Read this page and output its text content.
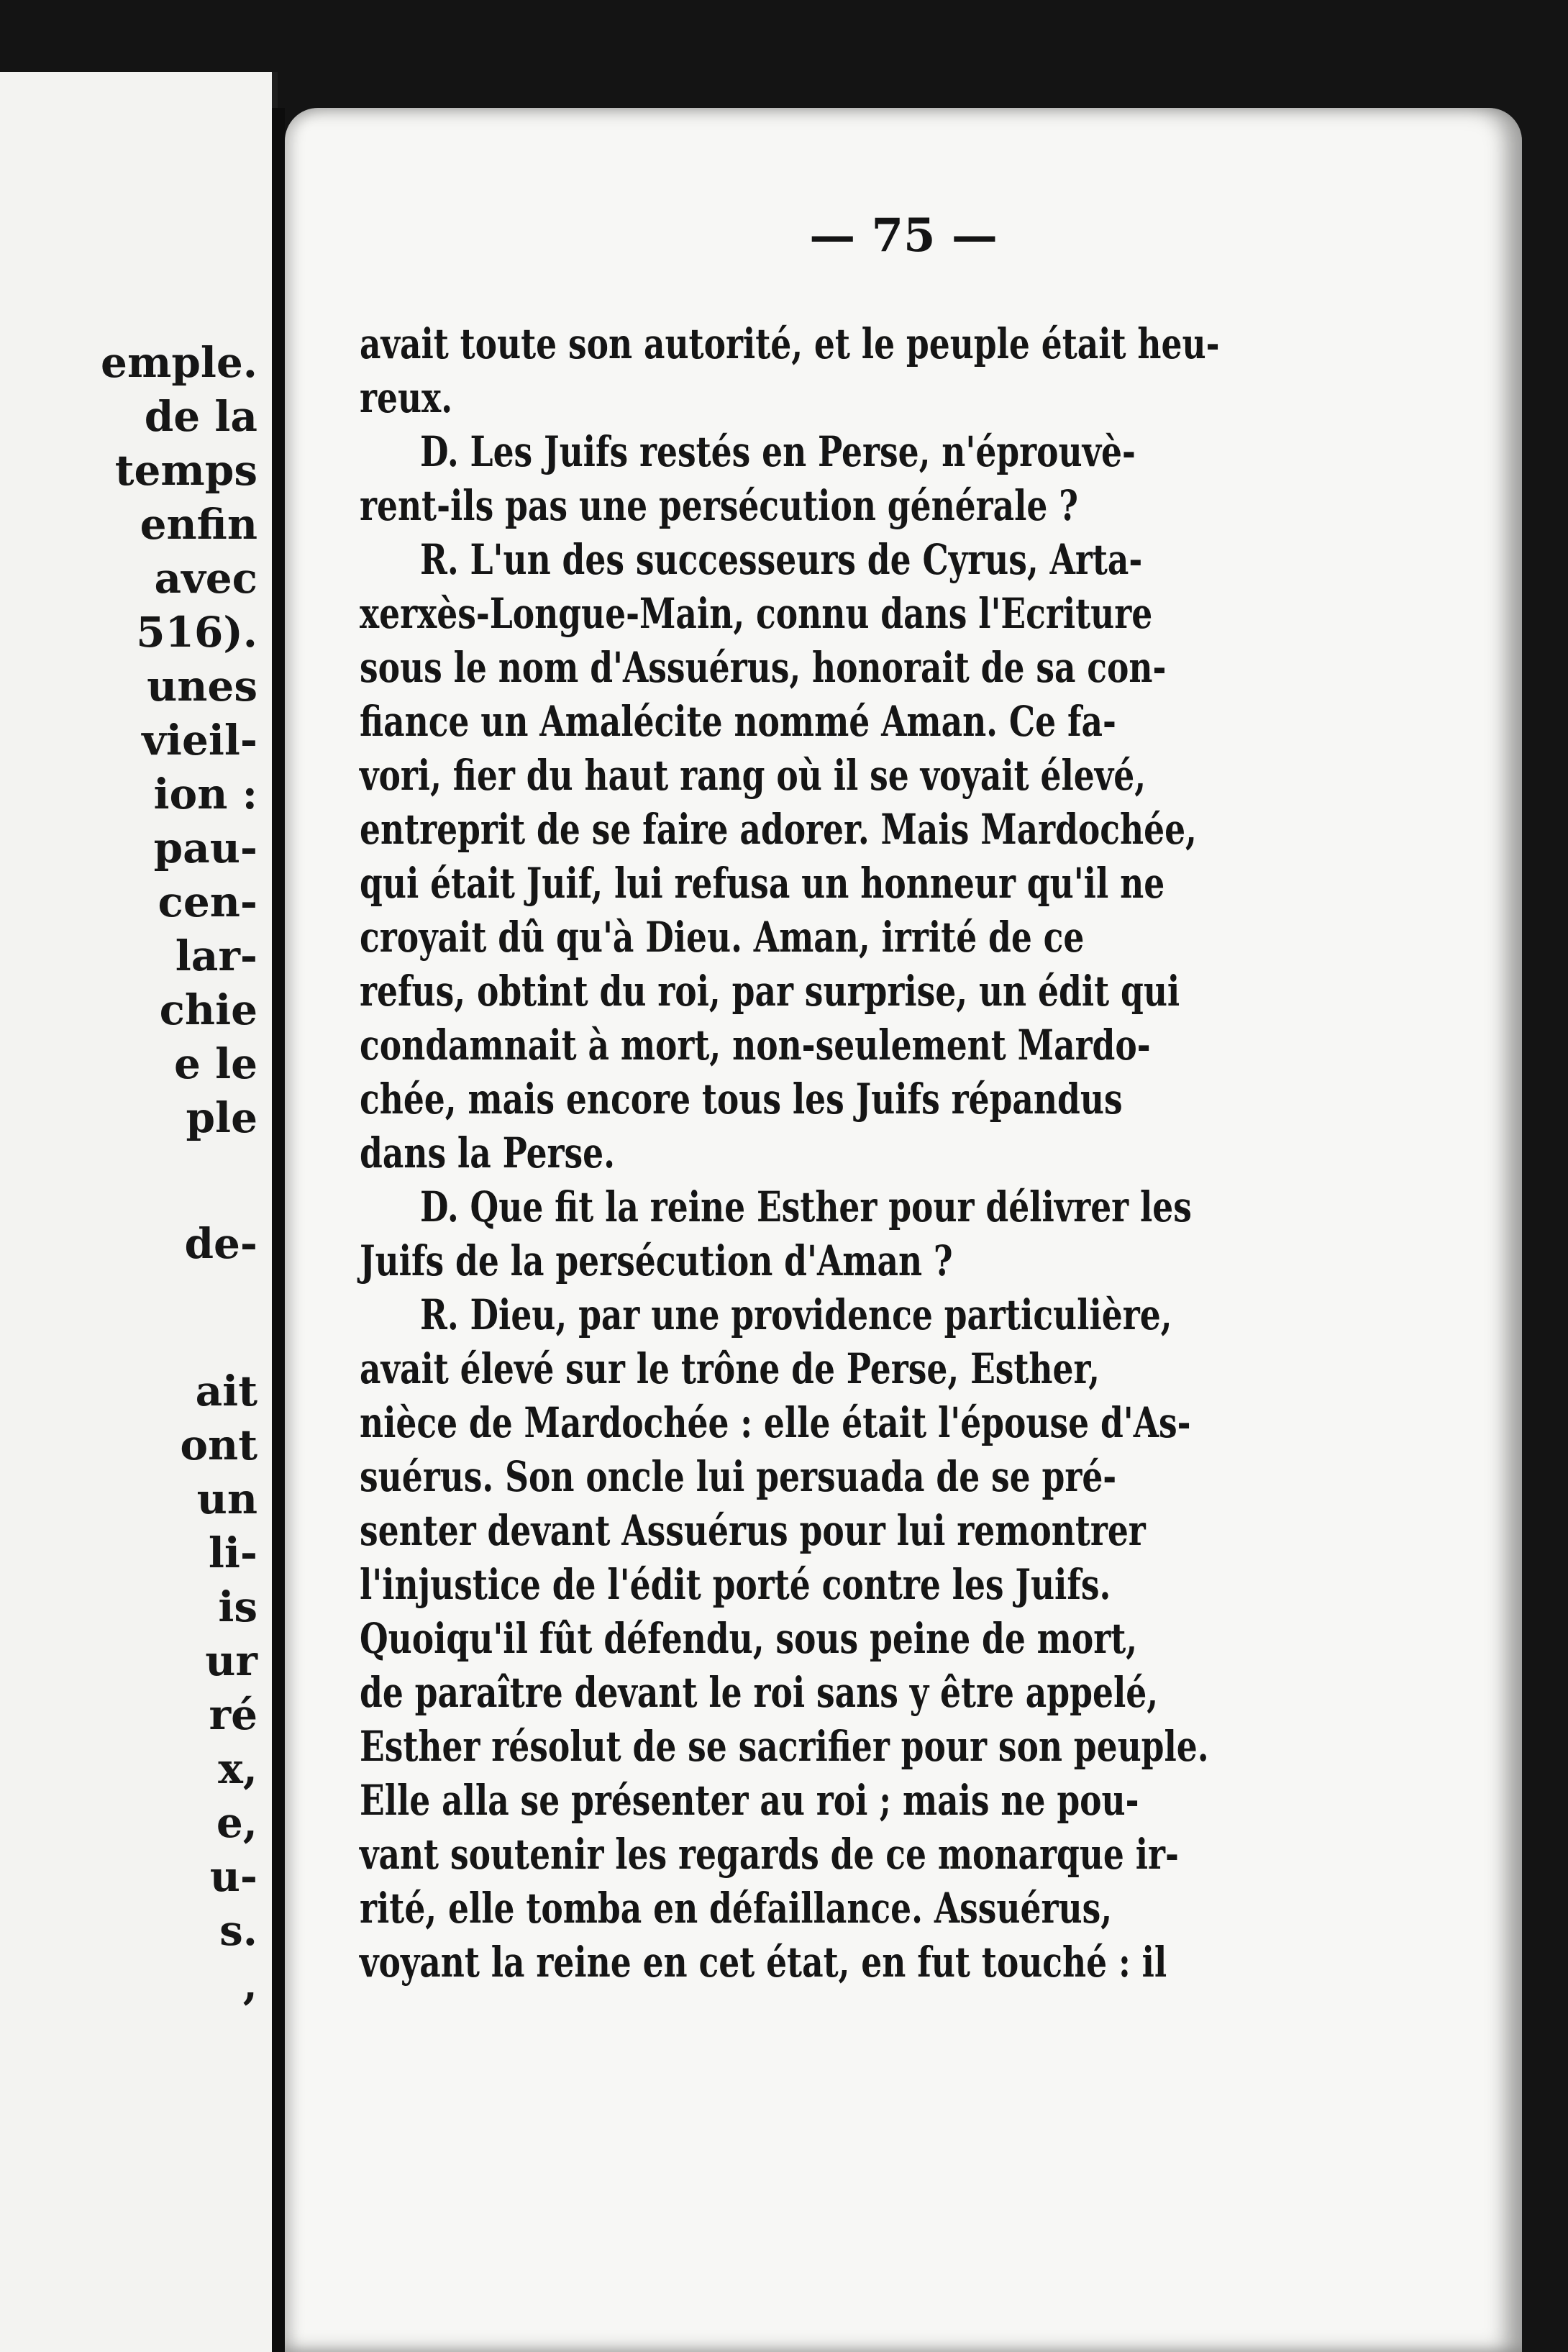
emple.
de la
temps
enfin
avec
516).
unes
vieil-
ion :
pau-
cen-
lar-
chie
e le
ple
de-
ait
ont
un
li-
is
ur
ré
x,
e,
u-
s.
,
— 75 —
avait toute son autorité, et le peuple était heu-
reux.
D. Les Juifs restés en Perse, n'éprouvè-
rent-ils pas une persécution générale ?
R. L'un des successeurs de Cyrus, Arta-
xerxès-Longue-Main, connu dans l'Ecriture
sous le nom d'Assuérus, honorait de sa con-
fiance un Amalécite nommé Aman. Ce fa-
vori, fier du haut rang où il se voyait élevé,
entreprit de se faire adorer. Mais Mardochée,
qui était Juif, lui refusa un honneur qu'il ne
croyait dû qu'à Dieu. Aman, irrité de ce
refus, obtint du roi, par surprise, un édit qui
condamnait à mort, non-seulement Mardo-
chée, mais encore tous les Juifs répandus
dans la Perse.
D. Que fit la reine Esther pour délivrer les
Juifs de la persécution d'Aman ?
R. Dieu, par une providence particulière,
avait élevé sur le trône de Perse, Esther,
nièce de Mardochée : elle était l'épouse d'As-
suérus. Son oncle lui persuada de se pré-
senter devant Assuérus pour lui remontrer
l'injustice de l'édit porté contre les Juifs.
Quoiqu'il fût défendu, sous peine de mort,
de paraître devant le roi sans y être appelé,
Esther résolut de se sacrifier pour son peuple.
Elle alla se présenter au roi ; mais ne pou-
vant soutenir les regards de ce monarque ir-
rité, elle tomba en défaillance. Assuérus,
voyant la reine en cet état, en fut touché : il
